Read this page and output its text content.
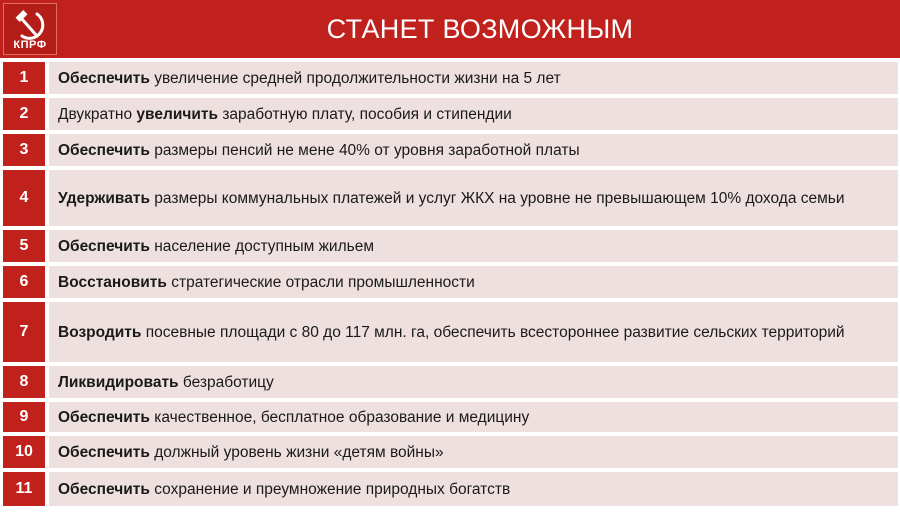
КПРФ
СТАНЕТ ВОЗМОЖНЫМ
1	Обеспечить увеличение средней продолжительности жизни на 5 лет

2	Двукратно увеличить заработную плату, пособия и стипендии

3	Обеспечить размеры пенсий не мене 40% от уровня заработной платы

4	Удерживать размеры коммунальных платежей и услуг ЖКХ на уровне не превышающем 10% дохода семьи

5	Обеспечить население доступным жильем

6	Восстановить стратегические отрасли промышленности

7	Возродить посевные площади с 80 до 117 млн. га, обеспечить всестороннее развитие сельских территорий

8	Ликвидировать безработицу

9	Обеспечить качественное, бесплатное образование и медицину

10	Обеспечить должный уровень жизни «детям войны»

11	Обеспечить сохранение и преумножение природных богатств
